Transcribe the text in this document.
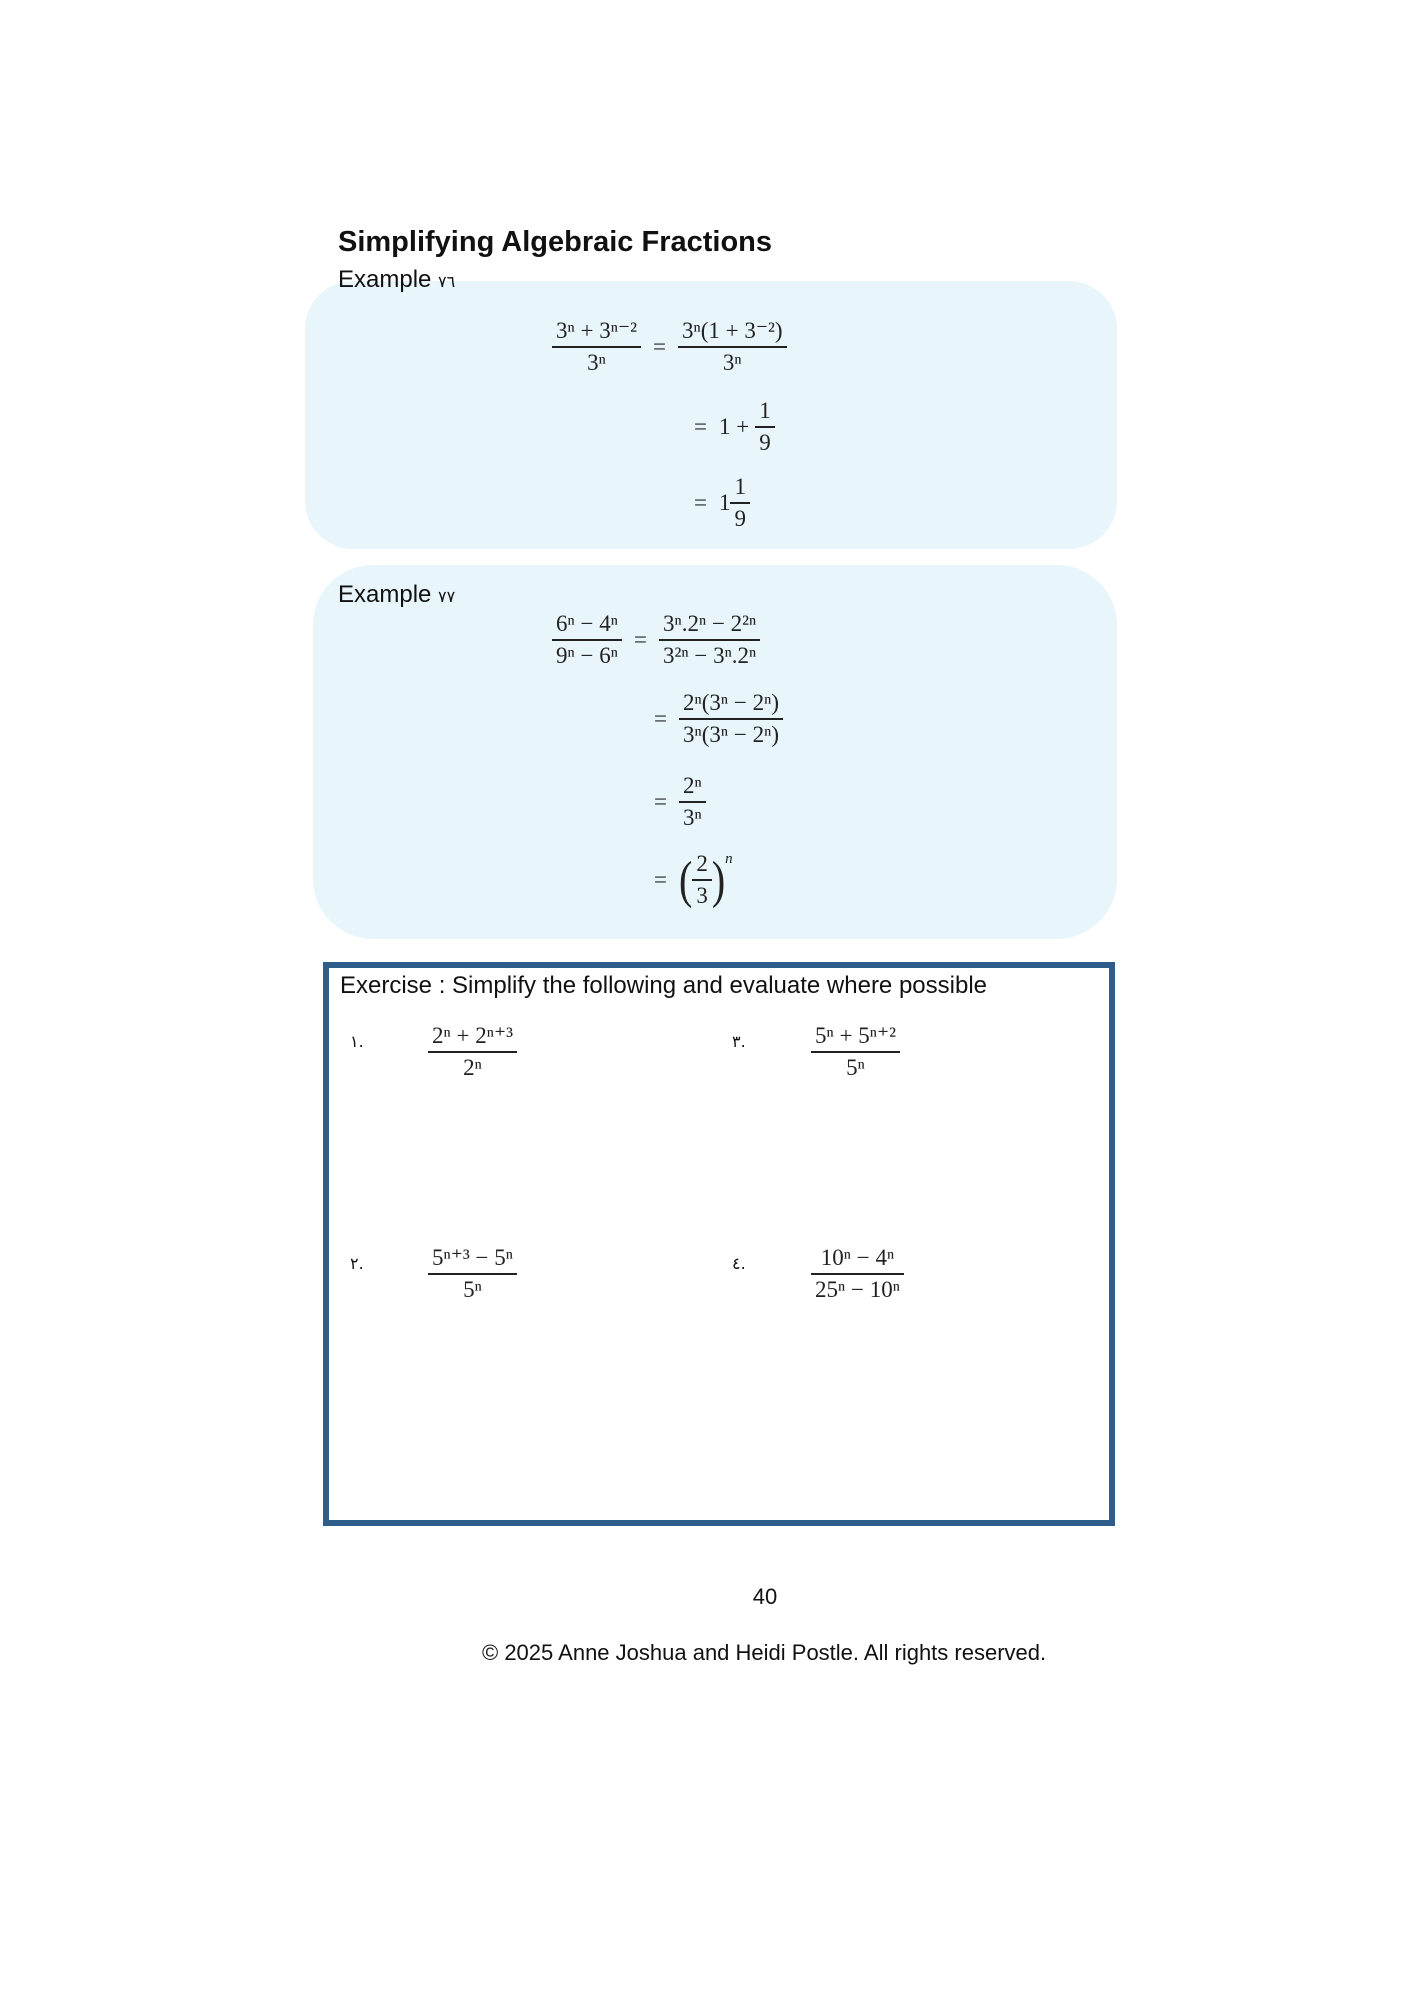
Simplifying Algebraic Fractions
Example ٧٦
$\frac{\text{3ⁿ + 3ⁿ⁻²}}{\text{3ⁿ}} = \frac{\text{3ⁿ(1 + 3⁻²)}}{\text{3ⁿ}}$
= $1 + \frac{1}{9}$
= $1 \frac{1}{9}$
Example ٧٧
$\frac{\text{6ⁿ − 4ⁿ}}{\text{9ⁿ − 6ⁿ}} = \frac{\text{3ⁿ.2ⁿ − 2²ⁿ}}{\text{3²ⁿ − 3ⁿ.2ⁿ}}$
= $\frac{\text{2ⁿ(3ⁿ − 2ⁿ)}}{\text{3ⁿ(3ⁿ − 2ⁿ)}}$
= $\frac{\text{2ⁿ}}{\text{3ⁿ}}$
= ( $\frac{2}{3}$ ) n
Exercise : Simplify the following and evaluate where possible
١.	$\frac{\text{2ⁿ + 2ⁿ⁺³}}{\text{2ⁿ}}$	٣.	$\frac{\text{5ⁿ + 5ⁿ⁺²}}{\text{5ⁿ}}$
٢.	$\frac{\text{5ⁿ⁺³ − 5ⁿ}}{\text{5ⁿ}}$	٤.	$\frac{\text{10ⁿ − 4ⁿ}}{\text{25ⁿ − 10ⁿ}}$
40
© 2025 Anne Joshua and Heidi Postle. All rights reserved.
